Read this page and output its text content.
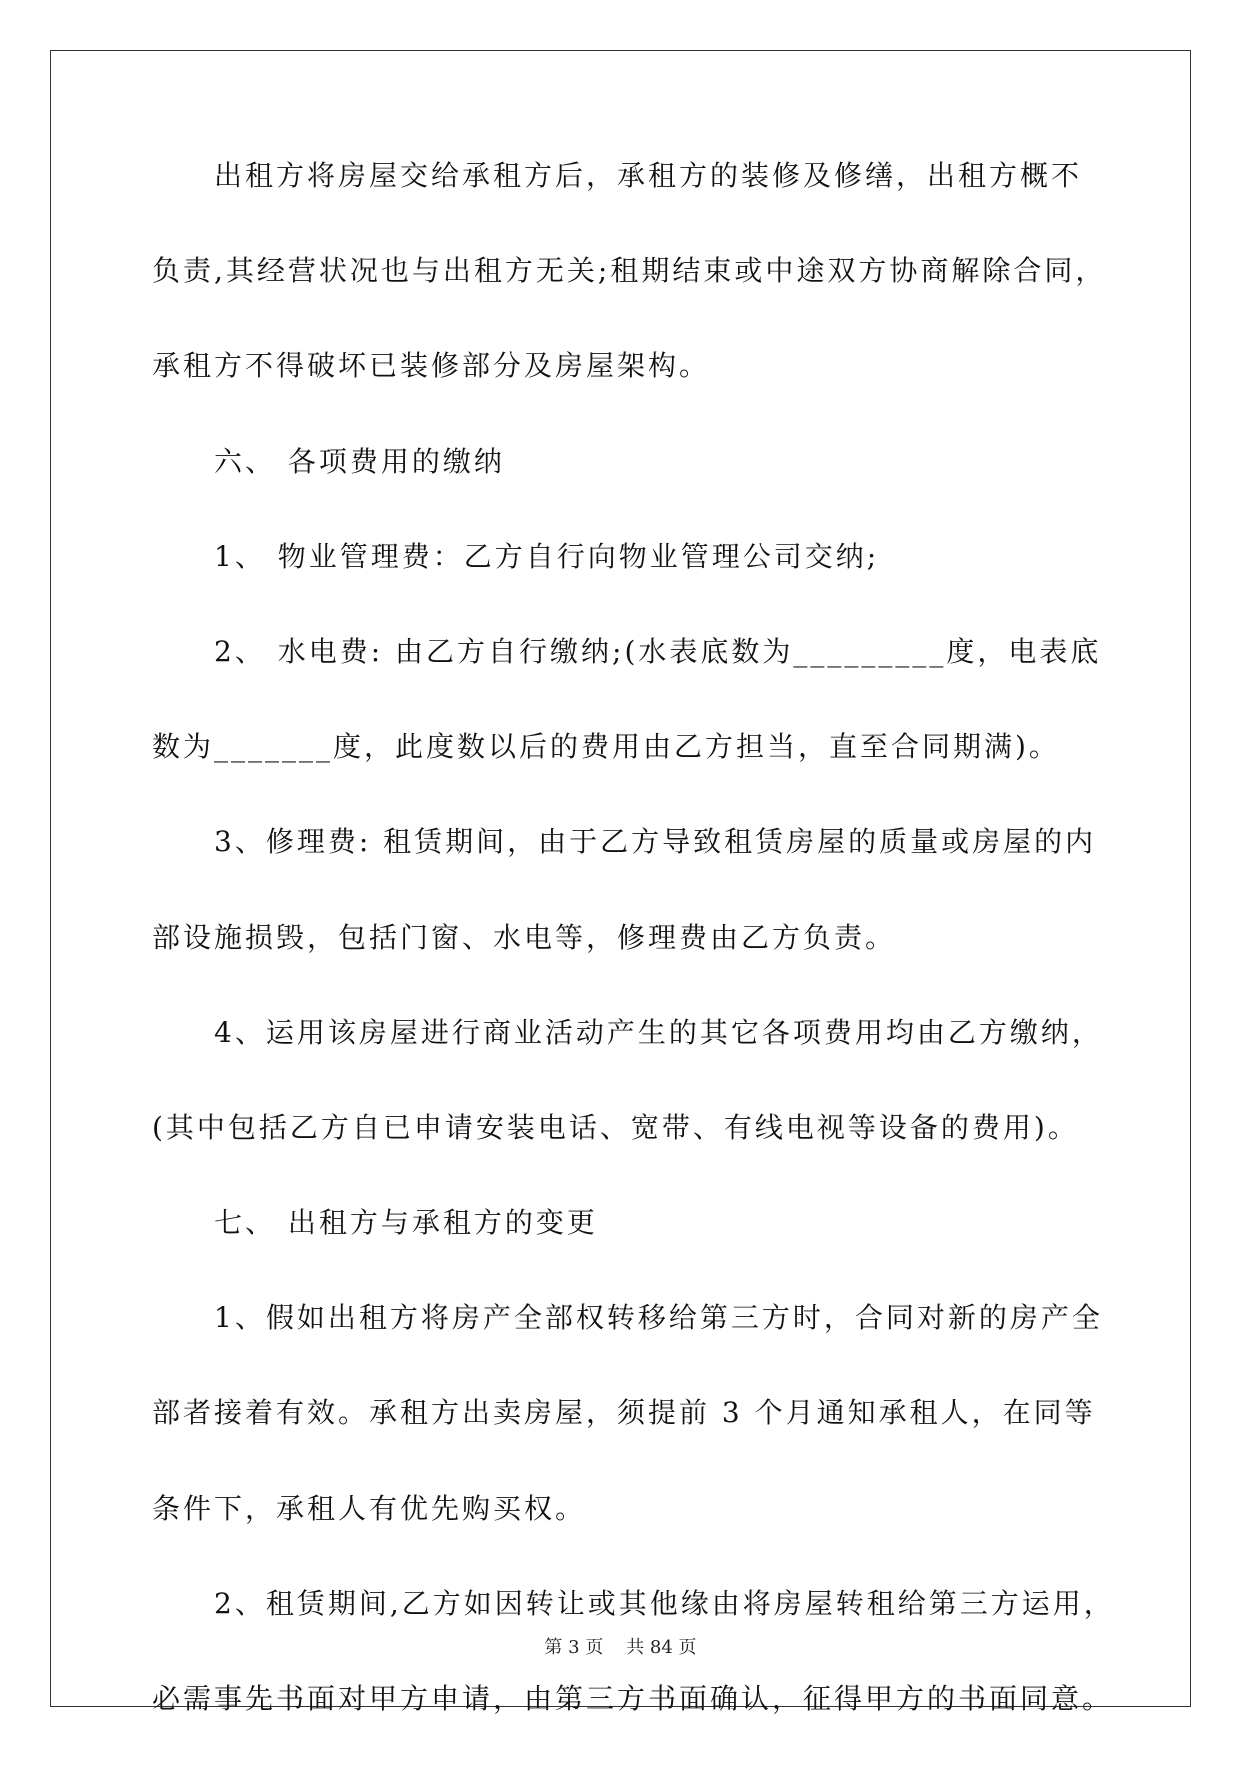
出租方将房屋交给承租方后，承租方的装修及修缮，出租方概不
负责,其经营状况也与出租方无关;租期结束或中途双方协商解除合同，
承租方不得破坏已装修部分及房屋架构。
六、 各项费用的缴纳
1、 物业管理费：乙方自行向物业管理公司交纳;
2、 水电费: 由乙方自行缴纳;(水表底数为_________度，电表底
数为_______度，此度数以后的费用由乙方担当，直至合同期满)。
3、修理费: 租赁期间，由于乙方导致租赁房屋的质量或房屋的内
部设施损毁，包括门窗、水电等，修理费由乙方负责。
4、运用该房屋进行商业活动产生的其它各项费用均由乙方缴纳，
(其中包括乙方自已申请安装电话、宽带、有线电视等设备的费用)。
七、 出租方与承租方的变更
1、假如出租方将房产全部权转移给第三方时，合同对新的房产全
部者接着有效。承租方出卖房屋，须提前 3 个月通知承租人，在同等
条件下，承租人有优先购买权。
2、租赁期间,乙方如因转让或其他缘由将房屋转租给第三方运用，
必需事先书面对甲方申请，由第三方书面确认，征得甲方的书面同意。
第 3 页    共 84 页
